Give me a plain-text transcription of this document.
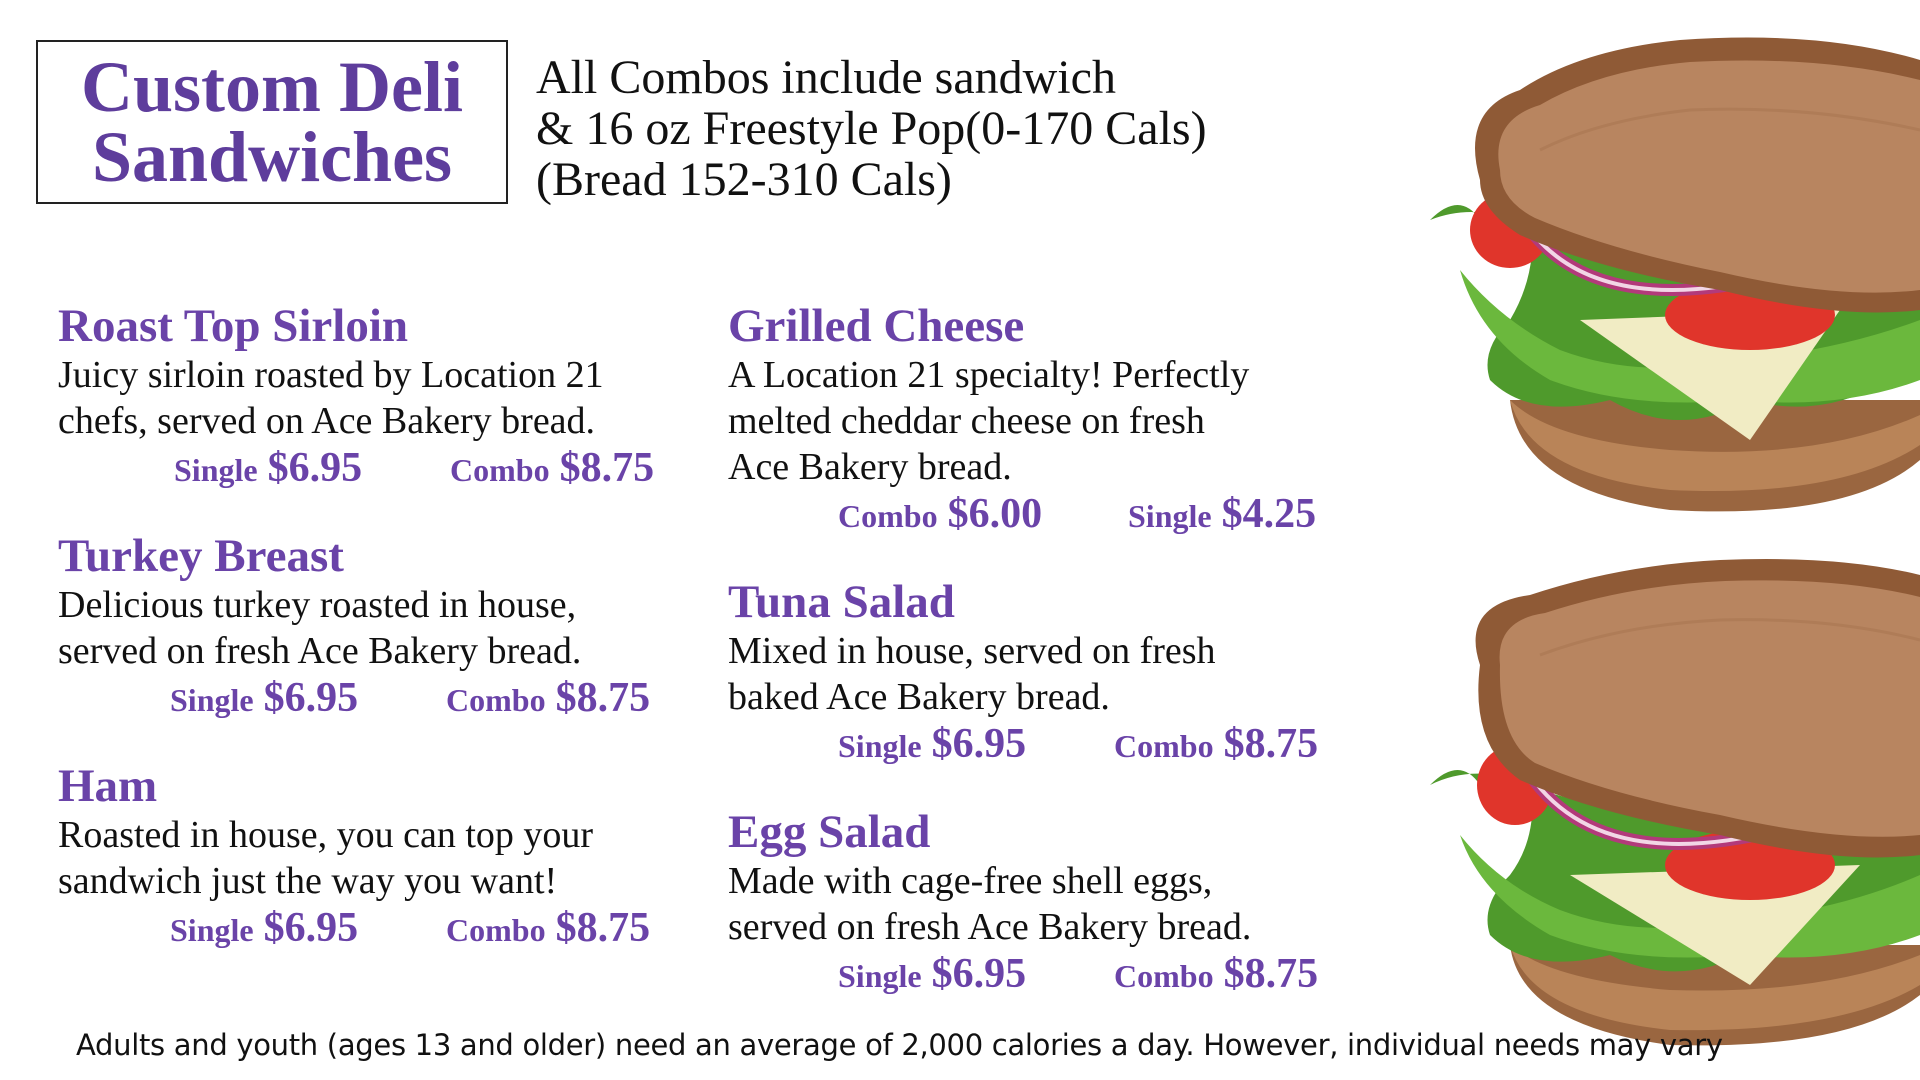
Custom Deli
Sandwiches
All Combos include sandwich
& 16 oz Freestyle Pop(0-170 Cals)
(Bread 152-310 Cals)
Roast Top Sirloin
Juicy sirloin roasted by Location 21
chefs, served on Ace Bakery bread.
Single $6.95	Combo $8.75
Turkey Breast
Delicious turkey roasted in house,
served on fresh Ace Bakery bread.
Single $6.95	Combo $8.75
Ham
Roasted in house, you can top your
sandwich just the way you want!
Single $6.95	Combo $8.75
Grilled Cheese
A Location 21 specialty! Perfectly
melted cheddar cheese on fresh
Ace Bakery bread.
Combo $6.00	Single $4.25
Tuna Salad
Mixed in house, served on fresh
baked Ace Bakery bread.
Single $6.95	Combo $8.75
Egg Salad
Made with cage-free shell eggs,
served on fresh Ace Bakery bread.
Single $6.95	Combo $8.75
Adults and youth (ages 13 and older) need an average of 2,000 calories a day. However, individual needs may vary
